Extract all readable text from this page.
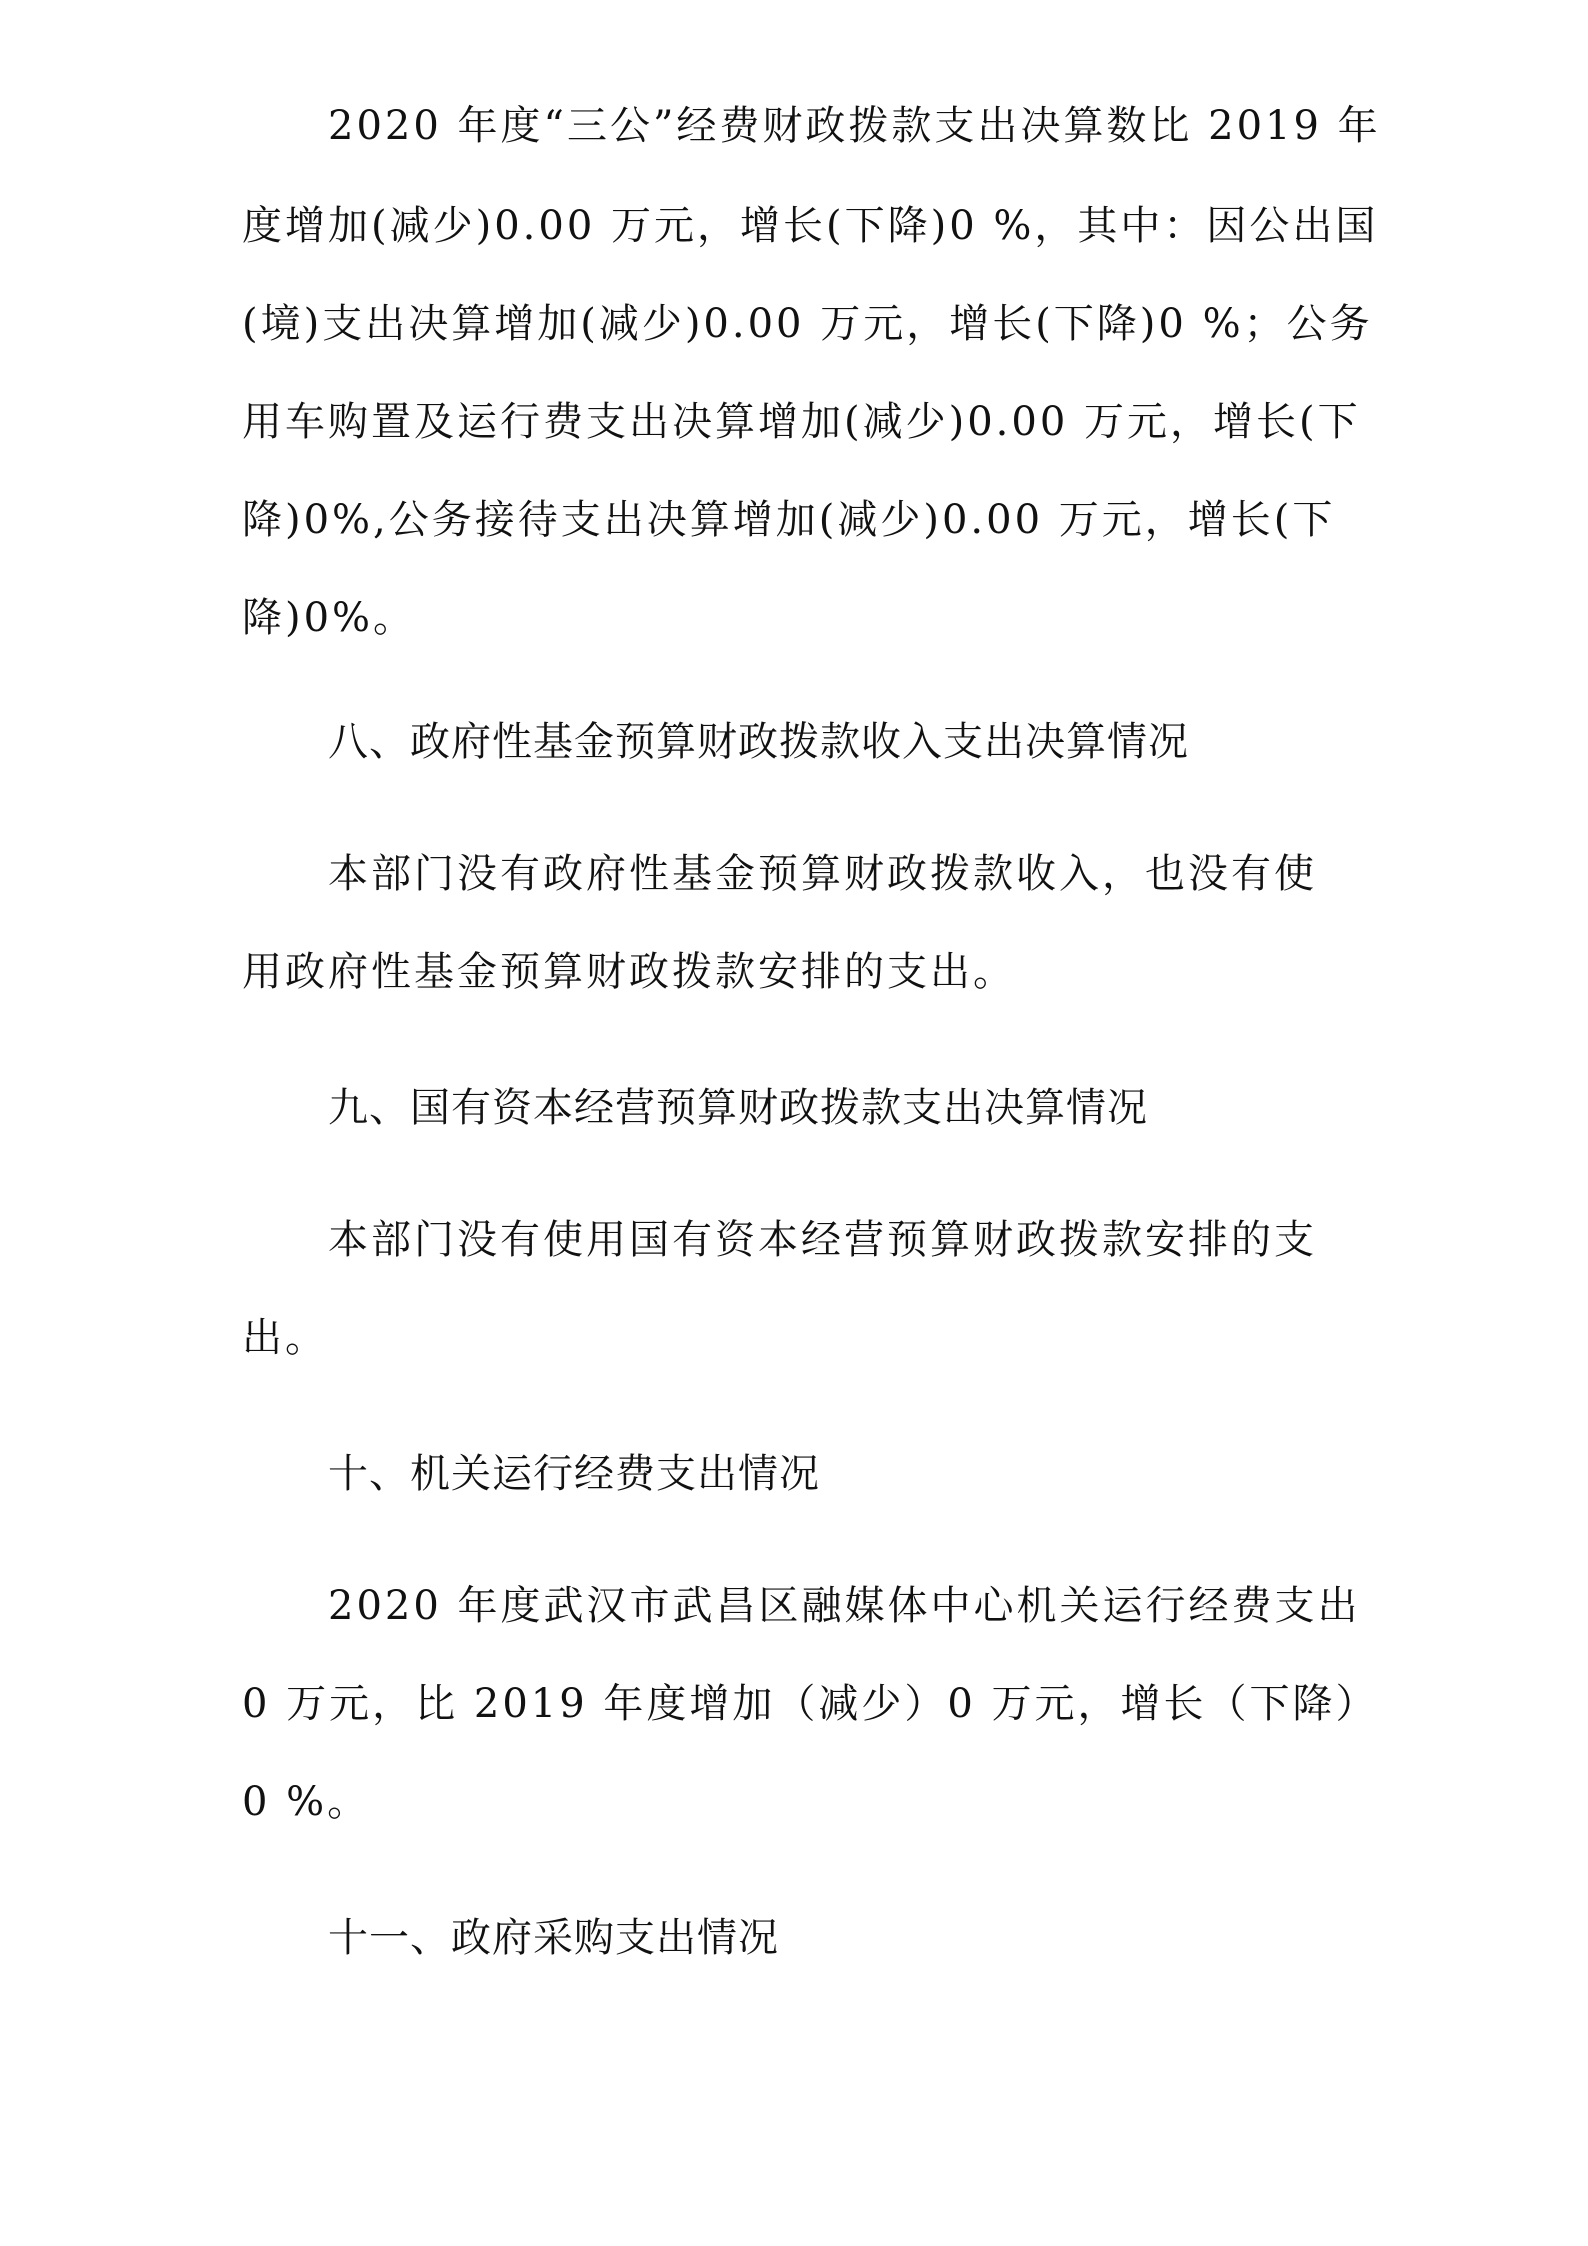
2020 年度“三公”经费财政拨款支出决算数比 2019 年
度增加(减少)0.00 万元，增长(下降)0 %，其中：因公出国
(境)支出决算增加(减少)0.00 万元，增长(下降)0 %；公务
用车购置及运行费支出决算增加(减少)0.00 万元，增长(下
降)0%,公务接待支出决算增加(减少)0.00 万元，增长(下
降)0%。
八、政府性基金预算财政拨款收入支出决算情况
本部门没有政府性基金预算财政拨款收入，也没有使
用政府性基金预算财政拨款安排的支出。
九、国有资本经营预算财政拨款支出决算情况
本部门没有使用国有资本经营预算财政拨款安排的支
出。
十、机关运行经费支出情况
2020 年度武汉市武昌区融媒体中心机关运行经费支出
0 万元，比 2019 年度增加（减少）0 万元，增长（下降）
0 %。
十一、政府采购支出情况
